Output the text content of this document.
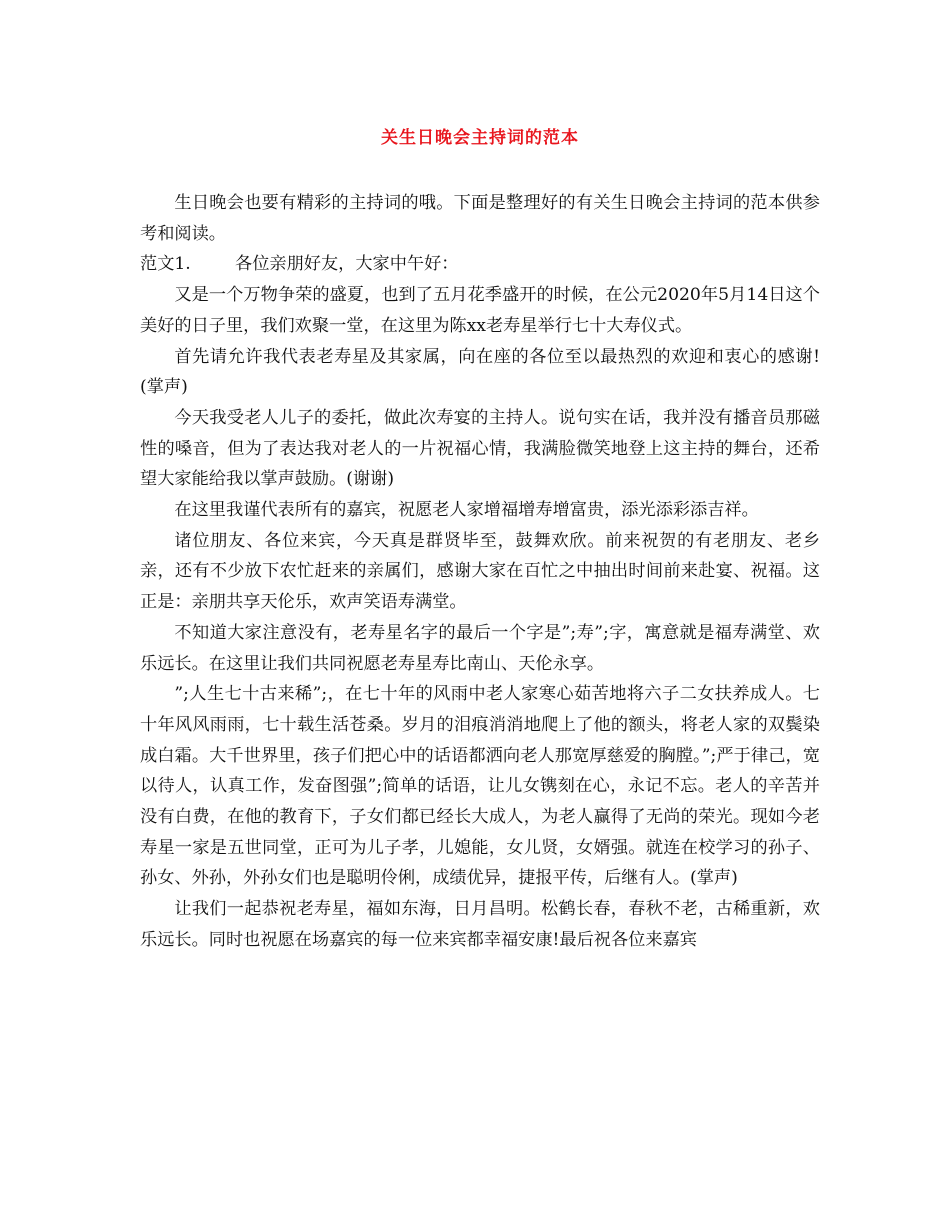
关生日晚会主持词的范本

生日晚会也要有精彩的主持词的哦。下面是整理好的有关生日晚会主持词的范本供参考和阅读。

范文1.	各位亲朋好友，大家中午好：

又是一个万物争荣的盛夏，也到了五月花季盛开的时候，在公元2020年5月14日这个美好的日子里，我们欢聚一堂，在这里为陈xx老寿星举行七十大寿仪式。

首先请允许我代表老寿星及其家属，向在座的各位至以最热烈的欢迎和衷心的感谢!(掌声)

今天我受老人儿子的委托，做此次寿宴的主持人。说句实在话，我并没有播音员那磁性的嗓音，但为了表达我对老人的一片祝福心情，我满脸微笑地登上这主持的舞台，还希望大家能给我以掌声鼓励。(谢谢)

在这里我谨代表所有的嘉宾，祝愿老人家增福增寿增富贵，添光添彩添吉祥。

诸位朋友、各位来宾，今天真是群贤毕至，鼓舞欢欣。前来祝贺的有老朋友、老乡亲，还有不少放下农忙赶来的亲属们，感谢大家在百忙之中抽出时间前来赴宴、祝福。这正是：亲朋共享天伦乐，欢声笑语寿满堂。

不知道大家注意没有，老寿星名字的最后一个字是”;寿”;字，寓意就是福寿满堂、欢乐远长。在这里让我们共同祝愿老寿星寿比南山、天伦永享。

”;人生七十古来稀”;，在七十年的风雨中老人家寒心茹苦地将六子二女扶养成人。七十年风风雨雨，七十载生活苍桑。岁月的泪痕消消地爬上了他的额头，将老人家的双鬓染成白霜。大千世界里，孩子们把心中的话语都洒向老人那宽厚慈爱的胸膛。”;严于律己，宽以待人，认真工作，发奋图强”;简单的话语，让儿女镌刻在心，永记不忘。老人的辛苦并没有白费，在他的教育下，子女们都已经长大成人，为老人赢得了无尚的荣光。现如今老寿星一家是五世同堂，正可为儿子孝，儿媳能，女儿贤，女婿强。就连在校学习的孙子、孙女、外孙，外孙女们也是聪明伶俐，成绩优异，捷报平传，后继有人。(掌声)

让我们一起恭祝老寿星，福如东海，日月昌明。松鹤长春，春秋不老，古稀重新，欢乐远长。同时也祝愿在场嘉宾的每一位来宾都幸福安康!最后祝各位来嘉宾
